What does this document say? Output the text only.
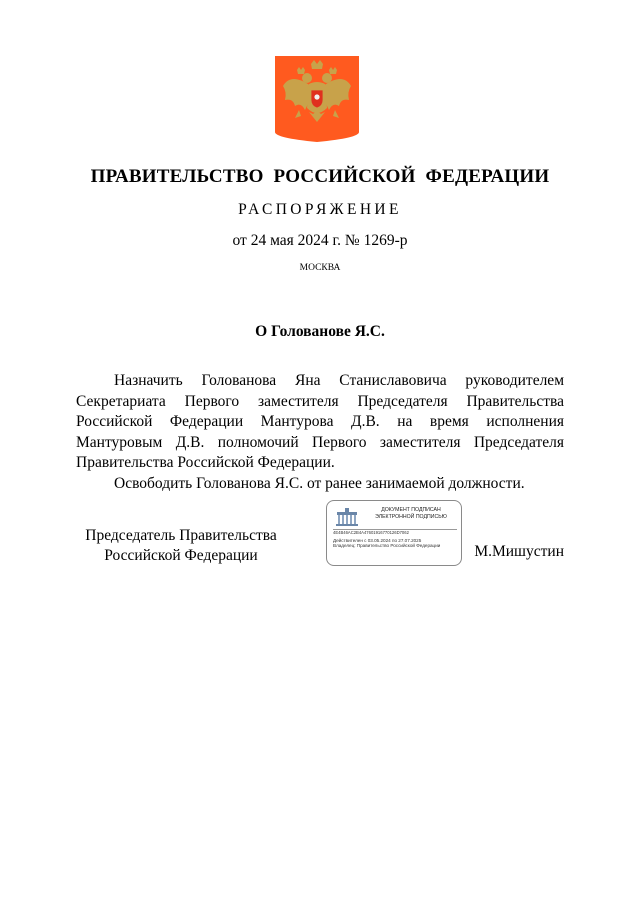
ПРАВИТЕЛЬСТВО РОССИЙСКОЙ ФЕДЕРАЦИИ
РАСПОРЯЖЕНИЕ
от 24 мая 2024 г. № 1269-р
МОСКВА
О Голованове Я.С.

Назначить Голованова Яна Станиславовича руководителем Секретариата Первого заместителя Председателя Правительства Российской Федерации Мантурова Д.В. на время исполнения Мантуровым Д.В. полномочий Первого заместителя Председателя Правительства Российской Федерации.

Освободить Голованова Я.С. от ранее занимаемой должности.

Председатель Правительства
Российской Федерации
ДОКУМЕНТ ПОДПИСАН
ЭЛЕКТРОННОЙ ПОДПИСЬЮ
4E4B46AC2B4A47601916770126D7062
Действителен с 03.05.2024 по 27.07.2025
Владелец: Правительство Российской Федерации	М.Мишустин
